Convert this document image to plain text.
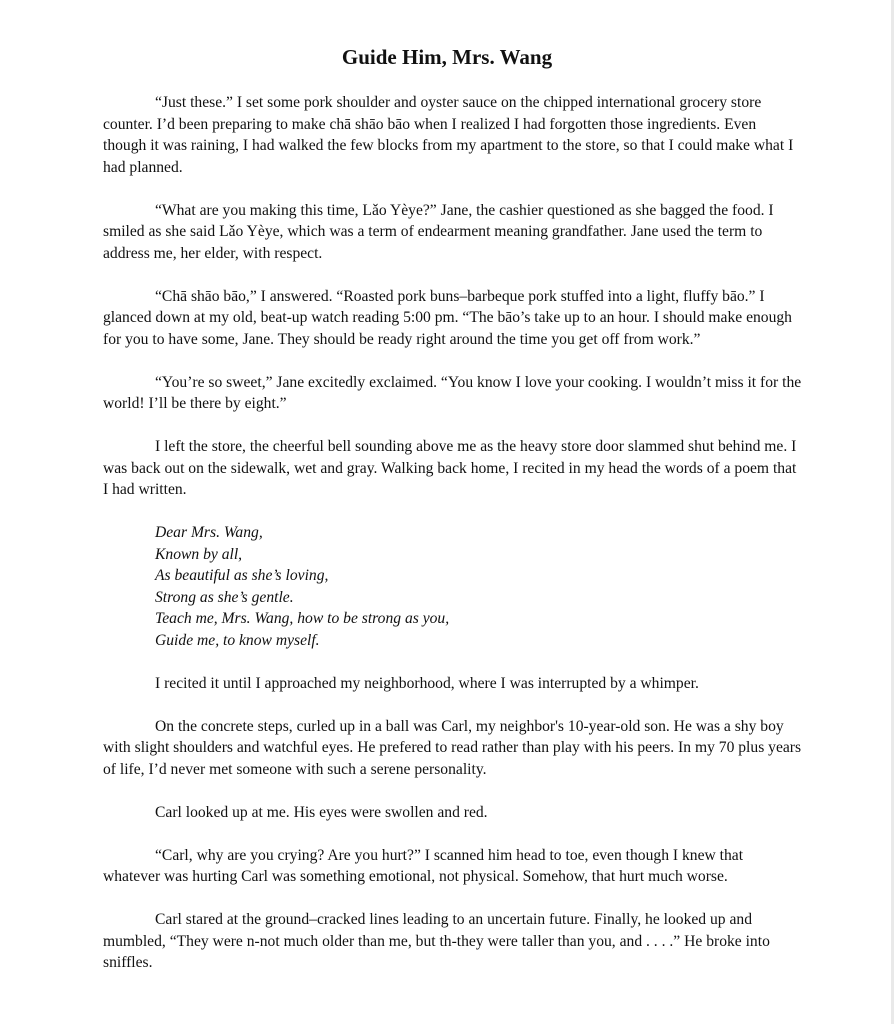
Guide Him, Mrs. Wang

“Just these.” I set some pork shoulder and oyster sauce on the chipped international grocery store counter. I’d been preparing to make chā shāo bāo when I realized I had forgotten those ingredients. Even though it was raining, I had walked the few blocks from my apartment to the store, so that I could make what I had planned.

“What are you making this time, Lǎo Yèye?” Jane, the cashier questioned as she bagged the food. I smiled as she said Lǎo Yèye, which was a term of endearment meaning grandfather. Jane used the term to address me, her elder, with respect.

“Chā shāo bāo,” I answered. “Roasted pork buns–barbeque pork stuffed into a light, fluffy bāo.” I glanced down at my old, beat-up watch reading 5:00 pm. “The bāo’s take up to an hour. I should make enough for you to have some, Jane. They should be ready right around the time you get off from work.”

“You’re so sweet,” Jane excitedly exclaimed. “You know I love your cooking. I wouldn’t miss it for the world! I’ll be there by eight.”

I left the store, the cheerful bell sounding above me as the heavy store door slammed shut behind me. I was back out on the sidewalk, wet and gray. Walking back home, I recited in my head the words of a poem that I had written.

Dear Mrs. Wang,
Known by all,
As beautiful as she’s loving,
Strong as she’s gentle.
Teach me, Mrs. Wang, how to be strong as you,
Guide me, to know myself.

I recited it until I approached my neighborhood, where I was interrupted by a whimper.

On the concrete steps, curled up in a ball was Carl, my neighbor's 10-year-old son. He was a shy boy with slight shoulders and watchful eyes. He prefered to read rather than play with his peers. In my 70 plus years of life, I’d never met someone with such a serene personality.

Carl looked up at me. His eyes were swollen and red.

“Carl, why are you crying? Are you hurt?” I scanned him head to toe, even though I knew that whatever was hurting Carl was something emotional, not physical. Somehow, that hurt much worse.

Carl stared at the ground–cracked lines leading to an uncertain future. Finally, he looked up and mumbled, “They were n-not much older than me, but th-they were taller than you, and . . . .” He broke into sniffles.
